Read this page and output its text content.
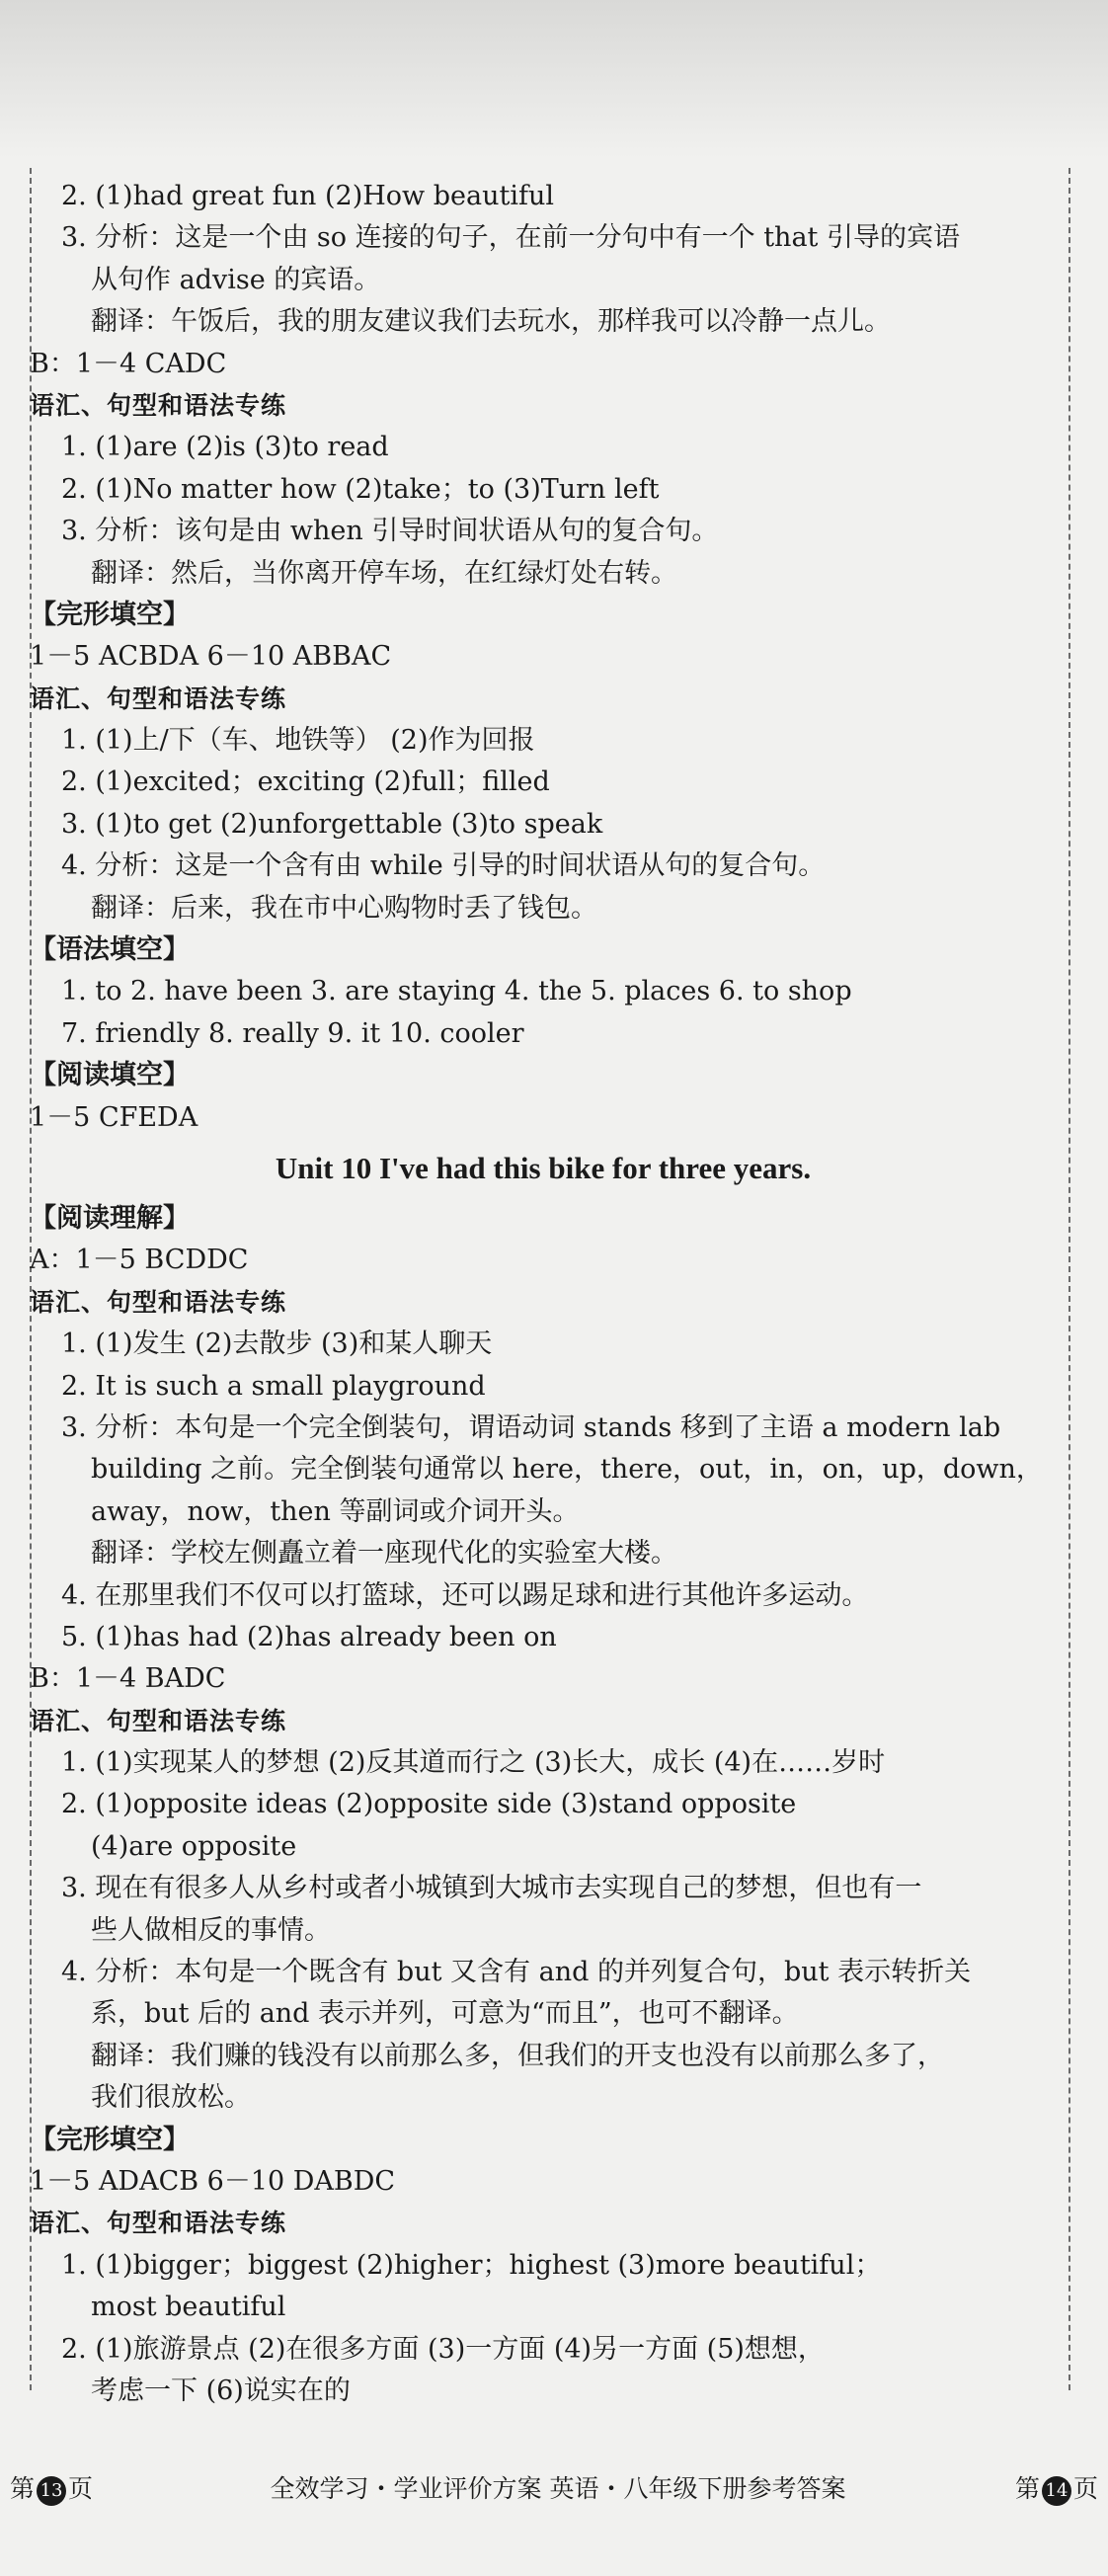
2. (1)had great fun (2)How beautiful
3. 分析：这是一个由 so 连接的句子，在前一分句中有一个 that 引导的宾语
从句作 advise 的宾语。
翻译：午饭后，我的朋友建议我们去玩水，那样我可以冷静一点儿。
B：1－4 CADC
语汇、句型和语法专练
1. (1)are (2)is (3)to read
2. (1)No matter how (2)take；to (3)Turn left
3. 分析：该句是由 when 引导时间状语从句的复合句。
翻译：然后，当你离开停车场，在红绿灯处右转。
【完形填空】
1－5 ACBDA 6－10 ABBAC
语汇、句型和语法专练
1. (1)上/下（车、地铁等） (2)作为回报
2. (1)excited；exciting (2)full；filled
3. (1)to get (2)unforgettable (3)to speak
4. 分析：这是一个含有由 while 引导的时间状语从句的复合句。
翻译：后来，我在市中心购物时丢了钱包。
【语法填空】
1. to 2. have been 3. are staying 4. the 5. places 6. to shop
7. friendly 8. really 9. it 10. cooler
【阅读填空】
1－5 CFEDA
Unit 10 I've had this bike for three years.
【阅读理解】
A：1－5 BCDDC
语汇、句型和语法专练
1. (1)发生 (2)去散步 (3)和某人聊天
2. It is such a small playground
3. 分析：本句是一个完全倒装句，谓语动词 stands 移到了主语 a modern lab
building 之前。完全倒装句通常以 here，there，out，in，on，up，down，
away，now，then 等副词或介词开头。
翻译：学校左侧矗立着一座现代化的实验室大楼。
4. 在那里我们不仅可以打篮球，还可以踢足球和进行其他许多运动。
5. (1)has had (2)has already been on
B：1－4 BADC
语汇、句型和语法专练
1. (1)实现某人的梦想 (2)反其道而行之 (3)长大，成长 (4)在……岁时
2. (1)opposite ideas (2)opposite side (3)stand opposite
(4)are opposite
3. 现在有很多人从乡村或者小城镇到大城市去实现自己的梦想，但也有一
些人做相反的事情。
4. 分析：本句是一个既含有 but 又含有 and 的并列复合句，but 表示转折关
系，but 后的 and 表示并列，可意为“而且”，也可不翻译。
翻译：我们赚的钱没有以前那么多，但我们的开支也没有以前那么多了，
我们很放松。
【完形填空】
1－5 ADACB 6－10 DABDC
语汇、句型和语法专练
1. (1)bigger；biggest (2)higher；highest (3)more beautiful；
most beautiful
2. (1)旅游景点 (2)在很多方面 (3)一方面 (4)另一方面 (5)想想，
考虑一下 (6)说实在的
第 13 页	全效学习・学业评价方案 英语・八年级下册参考答案	第 14 页
